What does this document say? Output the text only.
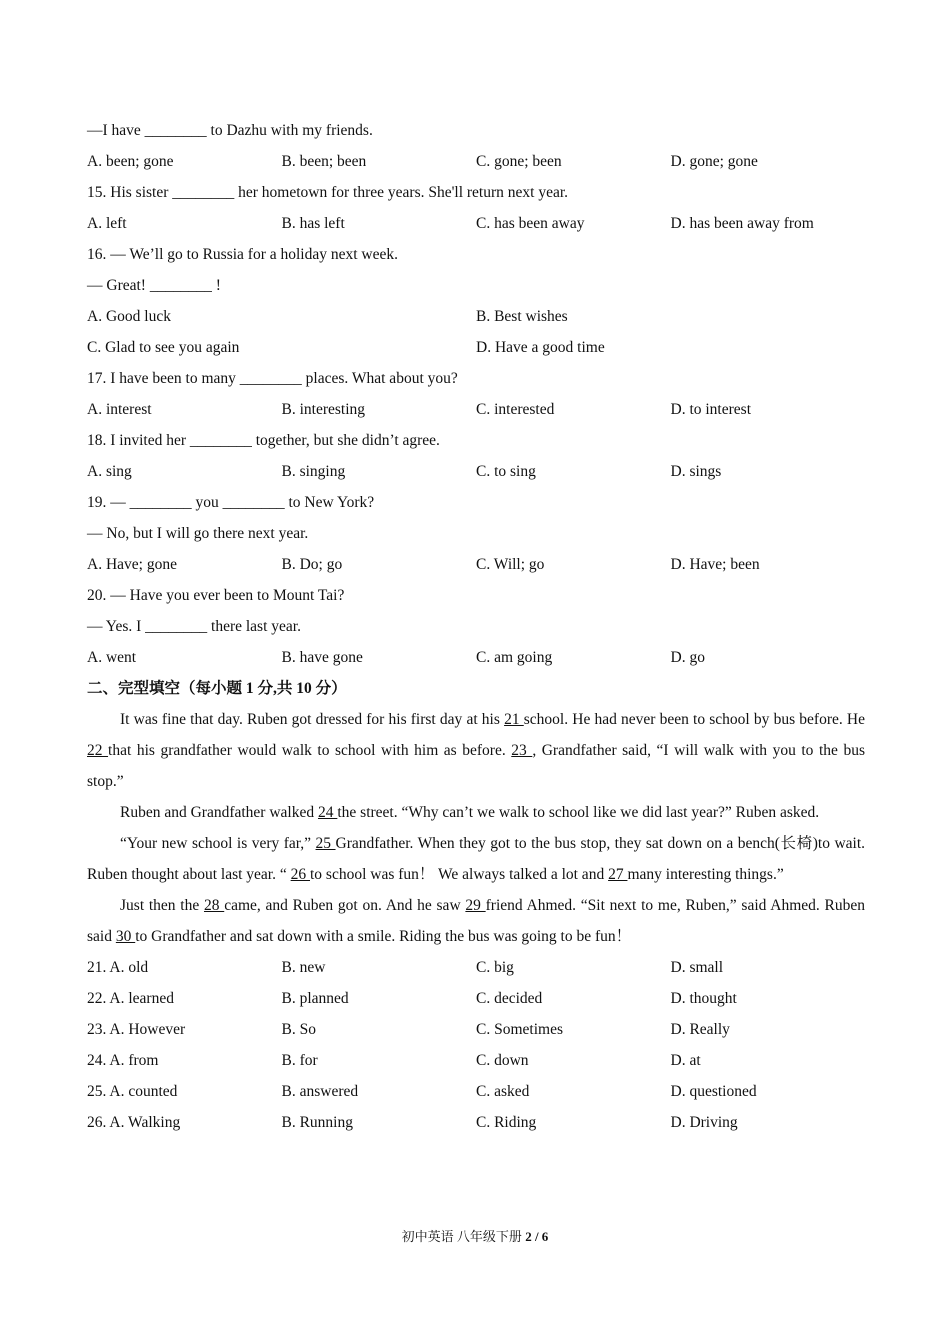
—I have ________ to Dazhu with my friends.
A. been; gone	B. been; been	C. gone; been	D. gone; gone
15. His sister ________ her hometown for three years. She'll return next year.
A. left	B. has left	C. has been away	D. has been away from
16. — We’ll go to Russia for a holiday next week.
— Great! ________ !
A. Good luck	B. Best wishes
C. Glad to see you again	D. Have a good time
17. I have been to many ________ places. What about you?
A. interest	B. interesting	C. interested	D. to interest
18. I invited her ________ together, but she didn’t agree.
A. sing	B. singing	C. to sing	D. sings
19. — ________ you ________ to New York?
— No, but I will go there next year.
A. Have; gone	B. Do; go	C. Will; go	D. Have; been
20. — Have you ever been to Mount Tai?
— Yes. I ________ there last year.
A. went	B. have gone	C. am going	D. go
二、完型填空（每小题 1 分,共 10 分）
It was fine that day. Ruben got dressed for his first day at his 21 school. He had never been to school by bus before. He 22 that his grandfather would walk to school with him as before. 23 , Grandfather said, “I will walk with you to the bus stop.”
Ruben and Grandfather walked 24 the street. “Why can’t we walk to school like we did last year?” Ruben asked.
“Your new school is very far,” 25 Grandfather. When they got to the bus stop, they sat down on a bench(长椅)to wait. Ruben thought about last year. “ 26 to school was fun！ We always talked a lot and 27 many interesting things.”
Just then the 28 came, and Ruben got on. And he saw 29 friend Ahmed. “Sit next to me, Ruben,” said Ahmed. Ruben said 30 to Grandfather and sat down with a smile. Riding the bus was going to be fun！
21. A. old	B. new	C. big	D. small
22. A. learned	B. planned	C. decided	D. thought
23. A. However	B. So	C. Sometimes	D. Really
24. A. from	B. for	C. down	D. at
25. A. counted	B. answered	C. asked	D. questioned
26. A. Walking	B. Running	C. Riding	D. Driving
初中英语 八年级下册 2 / 6
